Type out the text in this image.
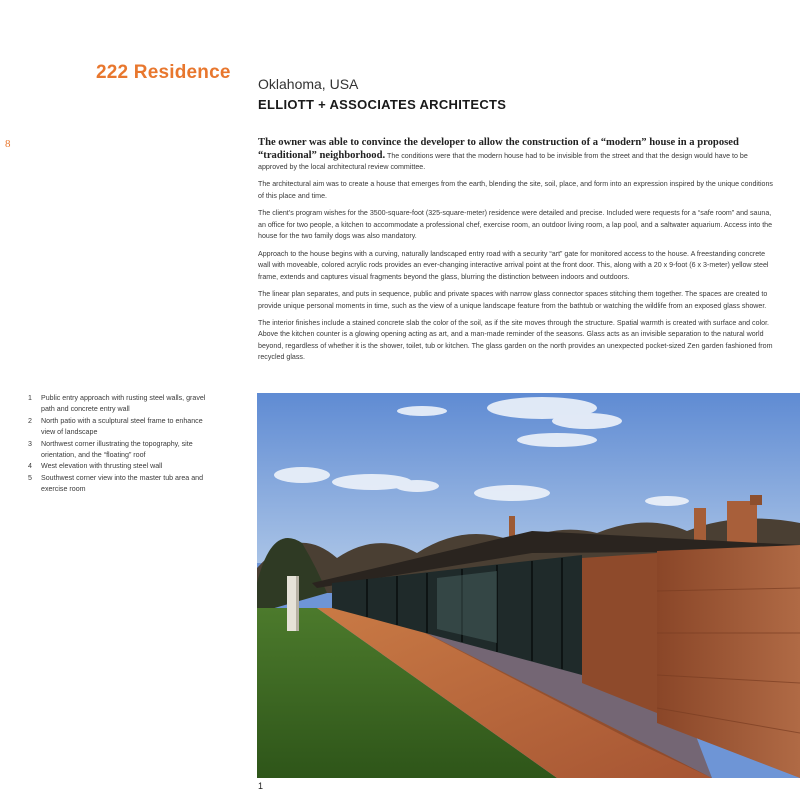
222 Residence
Oklahoma, USA
ELLIOTT + ASSOCIATES ARCHITECTS
8	The owner was able to convince the developer to allow the construction of a “modern” house in a proposed “traditional” neighborhood. The conditions were that the modern house had to be invisible from the street and that the design would have to be approved by the local architectural review committee.

The architectural aim was to create a house that emerges from the earth, blending the site, soil, place, and form into an expression inspired by the unique conditions of this place and time.

The client’s program wishes for the 3500-square-foot (325-square-meter) residence were detailed and precise. Included were requests for a “safe room” and sauna, an office for two people, a kitchen to accommodate a professional chef, exercise room, an outdoor living room, a lap pool, and a saltwater aquarium. Access into the house for the two family dogs was also mandatory.

Approach to the house begins with a curving, naturally landscaped entry road with a security “art” gate for monitored access to the house. A freestanding concrete wall with moveable, colored acrylic rods provides an ever-changing interactive arrival point at the front door. This, along with a 20 x 9-foot (6 x 3-meter) yellow steel frame, extends and captures visual fragments beyond the glass, blurring the distinction between indoors and outdoors.

The linear plan separates, and puts in sequence, public and private spaces with narrow glass connector spaces stitching them together. The spaces are created to provide unique personal moments in time, such as the view of a unique landscape feature from the bathtub or watching the wildlife from an exposed glass shower.

The interior finishes include a stained concrete slab the color of the soil, as if the site moves through the structure. Spatial warmth is created with surface and color. Above the kitchen counter is a glowing opening acting as art, and a man-made reminder of the seasons. Glass acts as an invisible separation to the natural world beyond, regardless of whether it is the shower, toilet, tub or kitchen. The glass garden on the north provides an unexpected pocket-sized Zen garden fashioned from recycled glass.

1	Public entry approach with rusting steel walls, gravel path and concrete entry wall
2	North patio with a sculptural steel frame to enhance view of landscape
3	Northwest corner illustrating the topography, site orientation, and the “floating” roof
4	West elevation with thrusting steel wall
5	Southwest corner view into the master tub area and exercise room
1
